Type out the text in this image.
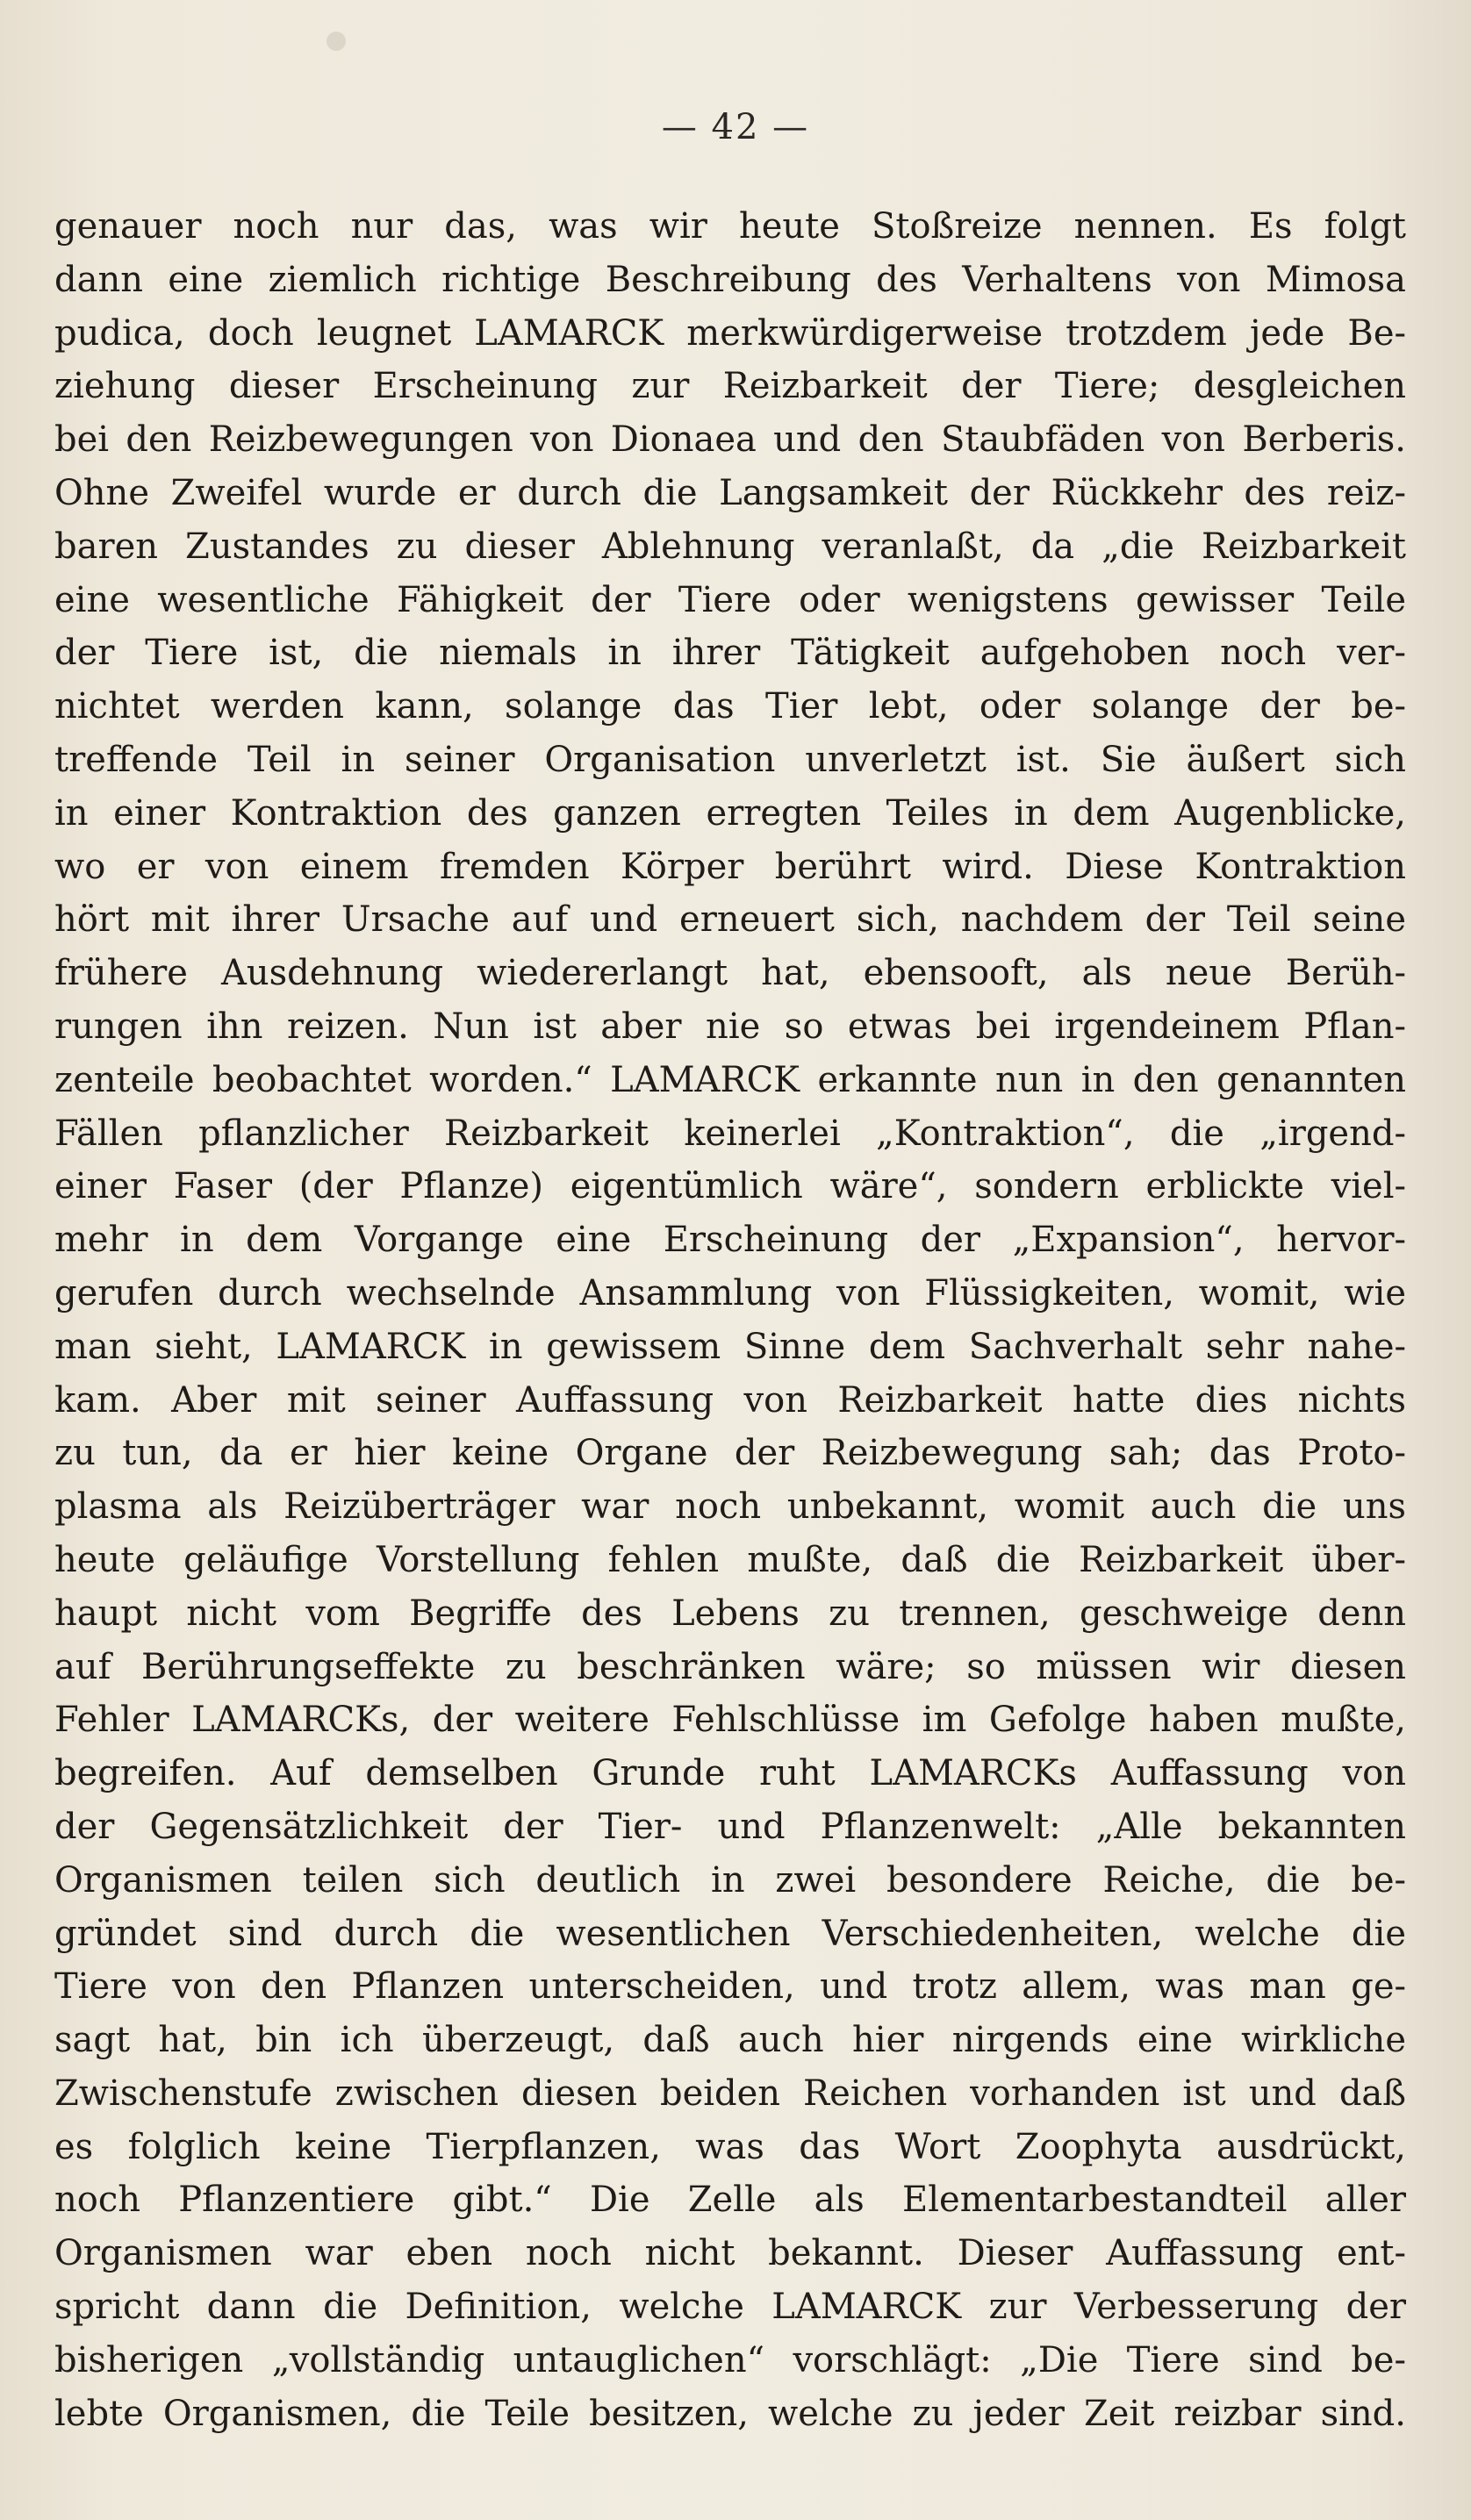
— 42 —
genauer noch nur das, was wir heute Stoßreize nennen. Es folgt
dann eine ziemlich richtige Beschreibung des Verhaltens von Mimosa
pudica, doch leugnet LAMARCK merkwürdigerweise trotzdem jede Be-
ziehung dieser Erscheinung zur Reizbarkeit der Tiere; desgleichen
bei den Reizbewegungen von Dionaea und den Staubfäden von Berberis.
Ohne Zweifel wurde er durch die Langsamkeit der Rückkehr des reiz-
baren Zustandes zu dieser Ablehnung veranlaßt, da „die Reizbarkeit
eine wesentliche Fähigkeit der Tiere oder wenigstens gewisser Teile
der Tiere ist, die niemals in ihrer Tätigkeit aufgehoben noch ver-
nichtet werden kann, solange das Tier lebt, oder solange der be-
treffende Teil in seiner Organisation unverletzt ist. Sie äußert sich
in einer Kontraktion des ganzen erregten Teiles in dem Augenblicke,
wo er von einem fremden Körper berührt wird. Diese Kontraktion
hört mit ihrer Ursache auf und erneuert sich, nachdem der Teil seine
frühere Ausdehnung wiedererlangt hat, ebensooft, als neue Berüh-
rungen ihn reizen. Nun ist aber nie so etwas bei irgendeinem Pflan-
zenteile beobachtet worden.“ LAMARCK erkannte nun in den genannten
Fällen pflanzlicher Reizbarkeit keinerlei „Kontraktion“, die „irgend-
einer Faser (der Pflanze) eigentümlich wäre“, sondern erblickte viel-
mehr in dem Vorgange eine Erscheinung der „Expansion“, hervor-
gerufen durch wechselnde Ansammlung von Flüssigkeiten, womit, wie
man sieht, LAMARCK in gewissem Sinne dem Sachverhalt sehr nahe-
kam. Aber mit seiner Auffassung von Reizbarkeit hatte dies nichts
zu tun, da er hier keine Organe der Reizbewegung sah; das Proto-
plasma als Reizüberträger war noch unbekannt, womit auch die uns
heute geläufige Vorstellung fehlen mußte, daß die Reizbarkeit über-
haupt nicht vom Begriffe des Lebens zu trennen, geschweige denn
auf Berührungseffekte zu beschränken wäre; so müssen wir diesen
Fehler LAMARCKs, der weitere Fehlschlüsse im Gefolge haben mußte,
begreifen. Auf demselben Grunde ruht LAMARCKs Auffassung von
der Gegensätzlichkeit der Tier- und Pflanzenwelt: „Alle bekannten
Organismen teilen sich deutlich in zwei besondere Reiche, die be-
gründet sind durch die wesentlichen Verschiedenheiten, welche die
Tiere von den Pflanzen unterscheiden, und trotz allem, was man ge-
sagt hat, bin ich überzeugt, daß auch hier nirgends eine wirkliche
Zwischenstufe zwischen diesen beiden Reichen vorhanden ist und daß
es folglich keine Tierpflanzen, was das Wort Zoophyta ausdrückt,
noch Pflanzentiere gibt.“ Die Zelle als Elementarbestandteil aller
Organismen war eben noch nicht bekannt. Dieser Auffassung ent-
spricht dann die Definition, welche LAMARCK zur Verbesserung der
bisherigen „vollständig untauglichen“ vorschlägt: „Die Tiere sind be-
lebte Organismen, die Teile besitzen, welche zu jeder Zeit reizbar sind.
